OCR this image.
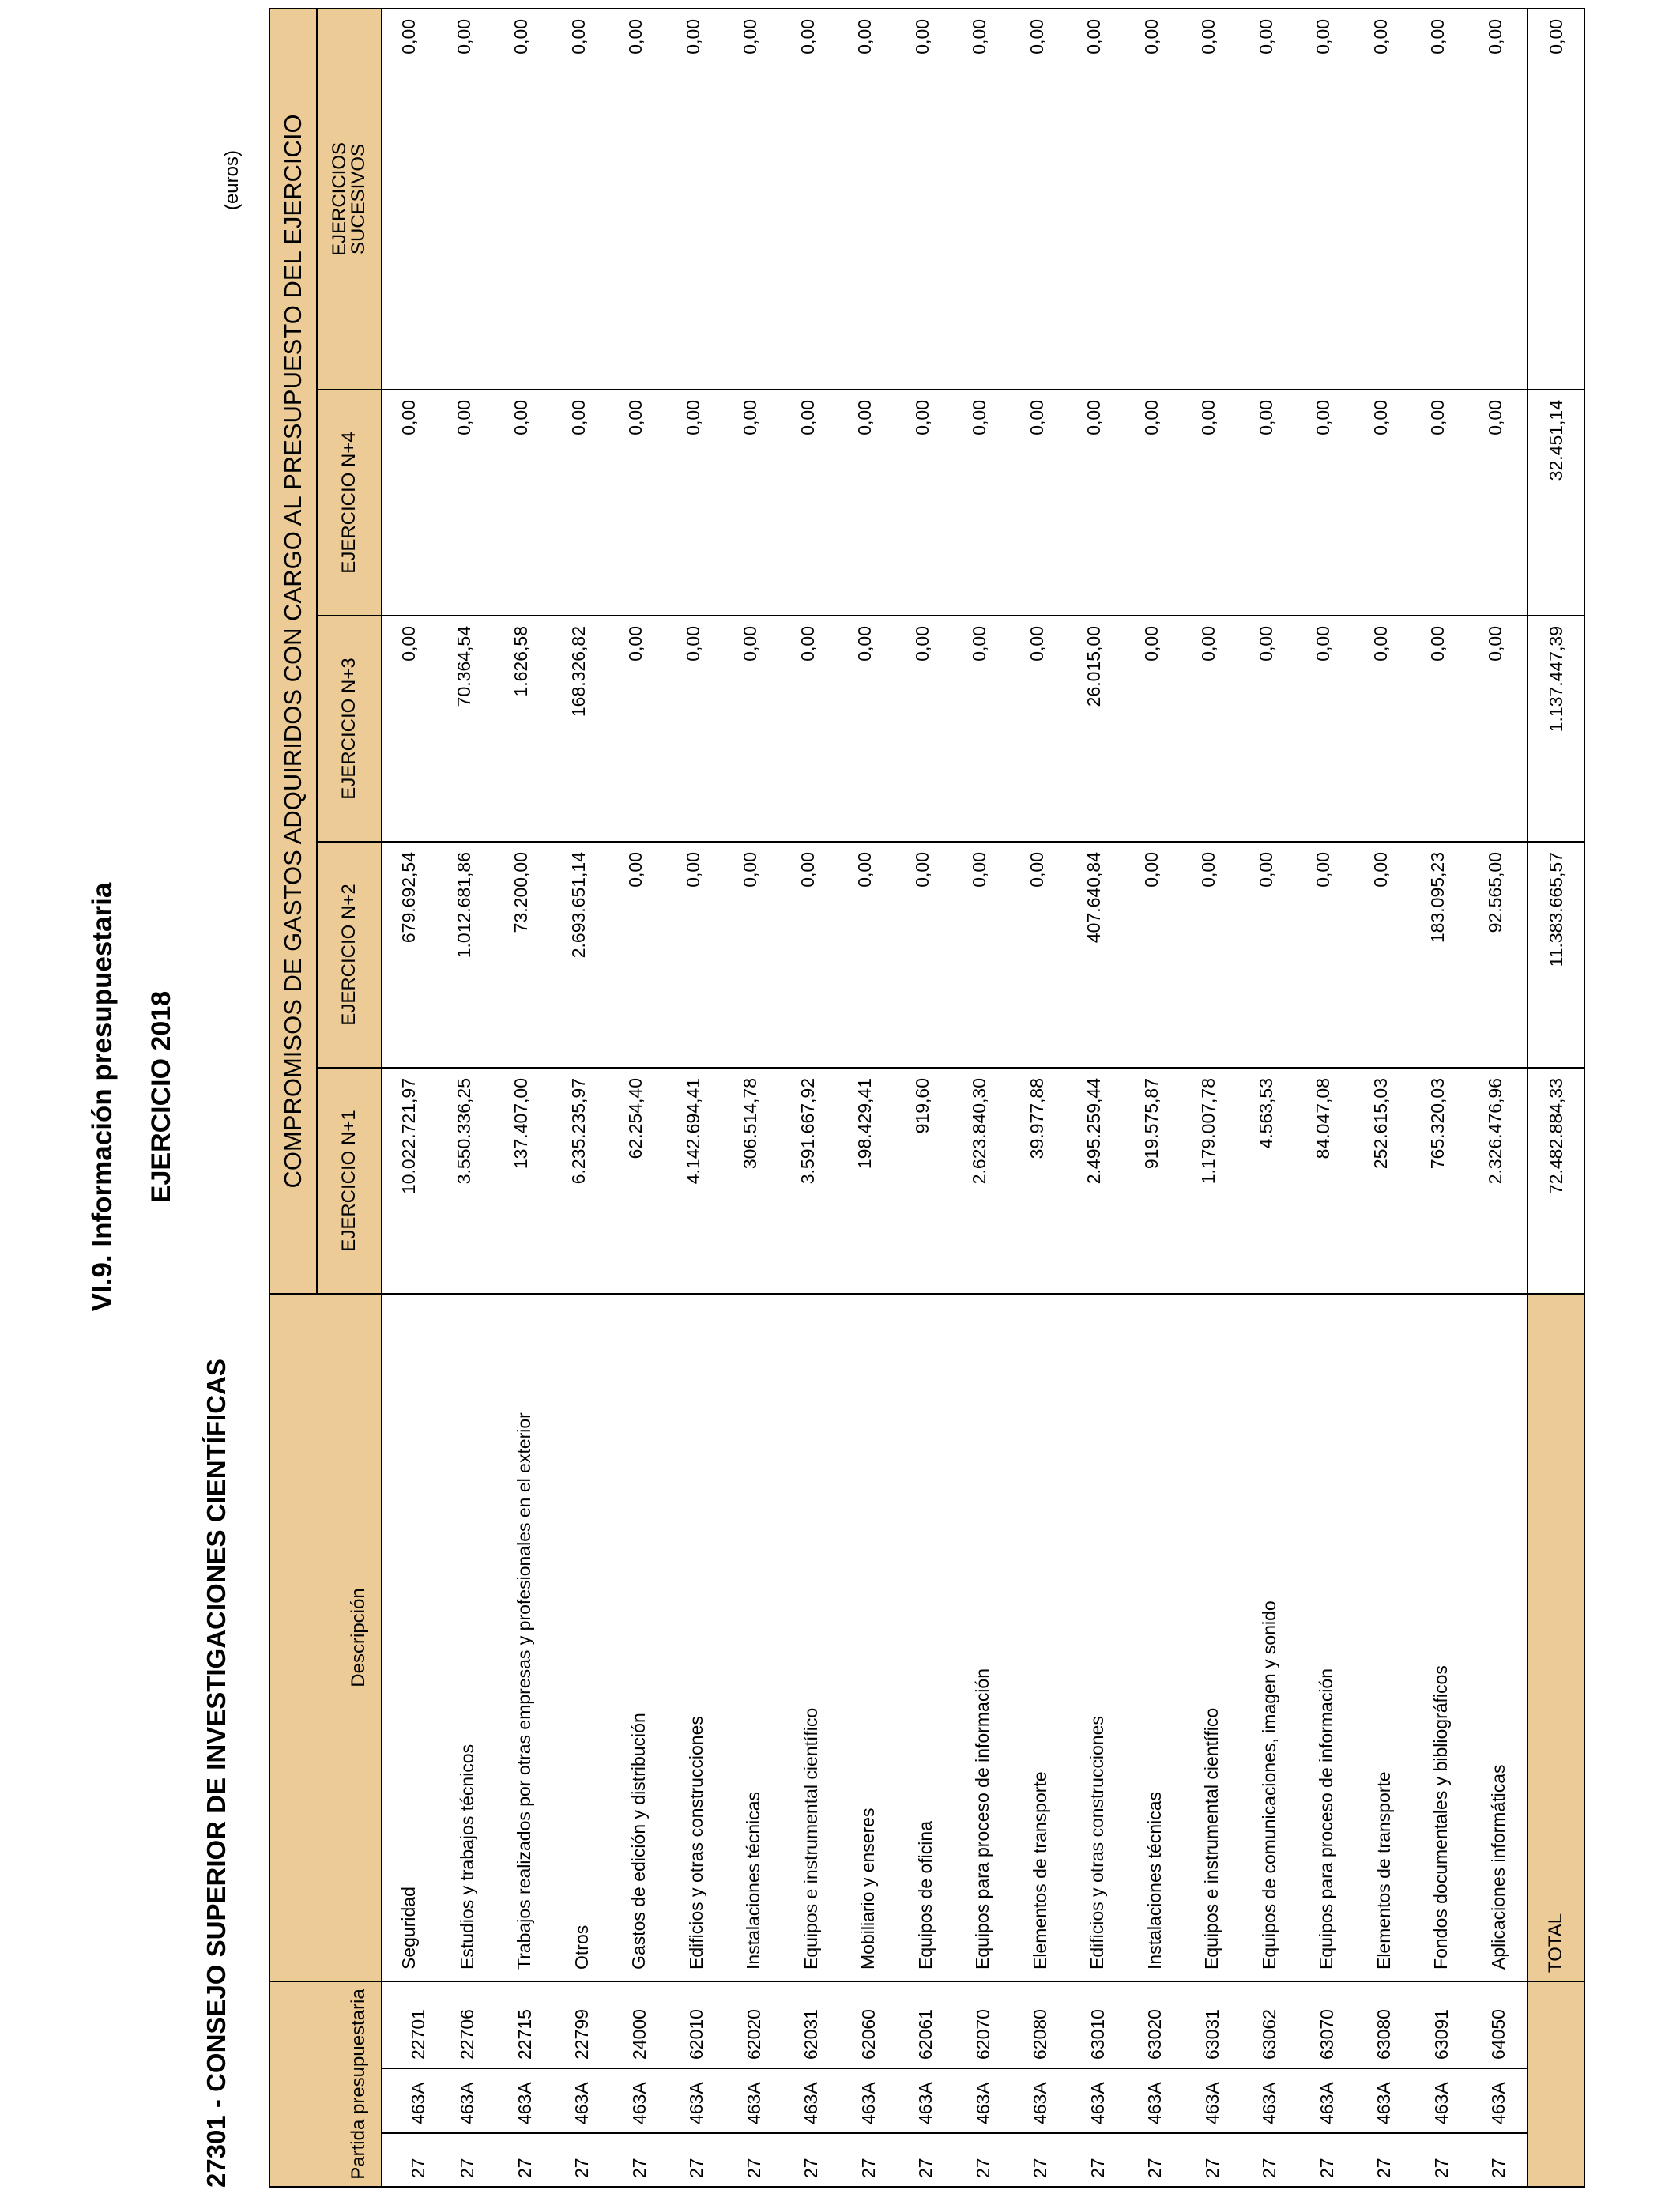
VI.9. Información presupuestaria EJERCICIO 2018
27301 - CONSEJO SUPERIOR DE INVESTIGACIONES CIENTÍFICAS
(euros)
Partida presupuestaria			Descripción	COMPROMISOS DE GASTOS ADQUIRIDOS CON CARGO AL PRESUPUESTO DEL EJERCICIO				
				EJERCICIO N+1	EJERCICIO N+2	EJERCICIO N+3	EJERCICIO N+4	EJERCICIOS
SUCESIVOS
27	463A	22701	Seguridad	10.022.721,97	679.692,54	0,00	0,00	0,00
27	463A	22706	Estudios y trabajos técnicos	3.550.336,25	1.012.681,86	70.364,54	0,00	0,00
27	463A	22715	Trabajos realizados por otras empresas y profesionales en el exterior	137.407,00	73.200,00	1.626,58	0,00	0,00
27	463A	22799	Otros	6.235.235,97	2.693.651,14	168.326,82	0,00	0,00
27	463A	24000	Gastos de edición y distribución	62.254,40	0,00	0,00	0,00	0,00
27	463A	62010	Edificios y otras construcciones	4.142.694,41	0,00	0,00	0,00	0,00
27	463A	62020	Instalaciones técnicas	306.514,78	0,00	0,00	0,00	0,00
27	463A	62031	Equipos e instrumental científico	3.591.667,92	0,00	0,00	0,00	0,00
27	463A	62060	Mobiliario y enseres	198.429,41	0,00	0,00	0,00	0,00
27	463A	62061	Equipos de oficina	919,60	0,00	0,00	0,00	0,00
27	463A	62070	Equipos para proceso de información	2.623.840,30	0,00	0,00	0,00	0,00
27	463A	62080	Elementos de transporte	39.977,88	0,00	0,00	0,00	0,00
27	463A	63010	Edificios y otras construcciones	2.495.259,44	407.640,84	26.015,00	0,00	0,00
27	463A	63020	Instalaciones técnicas	919.575,87	0,00	0,00	0,00	0,00
27	463A	63031	Equipos e instrumental científico	1.179.007,78	0,00	0,00	0,00	0,00
27	463A	63062	Equipos de comunicaciones, imagen y sonido	4.563,53	0,00	0,00	0,00	0,00
27	463A	63070	Equipos para proceso de información	84.047,08	0,00	0,00	0,00	0,00
27	463A	63080	Elementos de transporte	252.615,03	0,00	0,00	0,00	0,00
27	463A	63091	Fondos documentales y bibliográficos	765.320,03	183.095,23	0,00	0,00	0,00
27	463A	64050	Aplicaciones informáticas	2.326.476,96	92.565,00	0,00	0,00	0,00
			TOTAL	72.482.884,33	11.383.665,57	1.137.447,39	32.451,14	0,00
